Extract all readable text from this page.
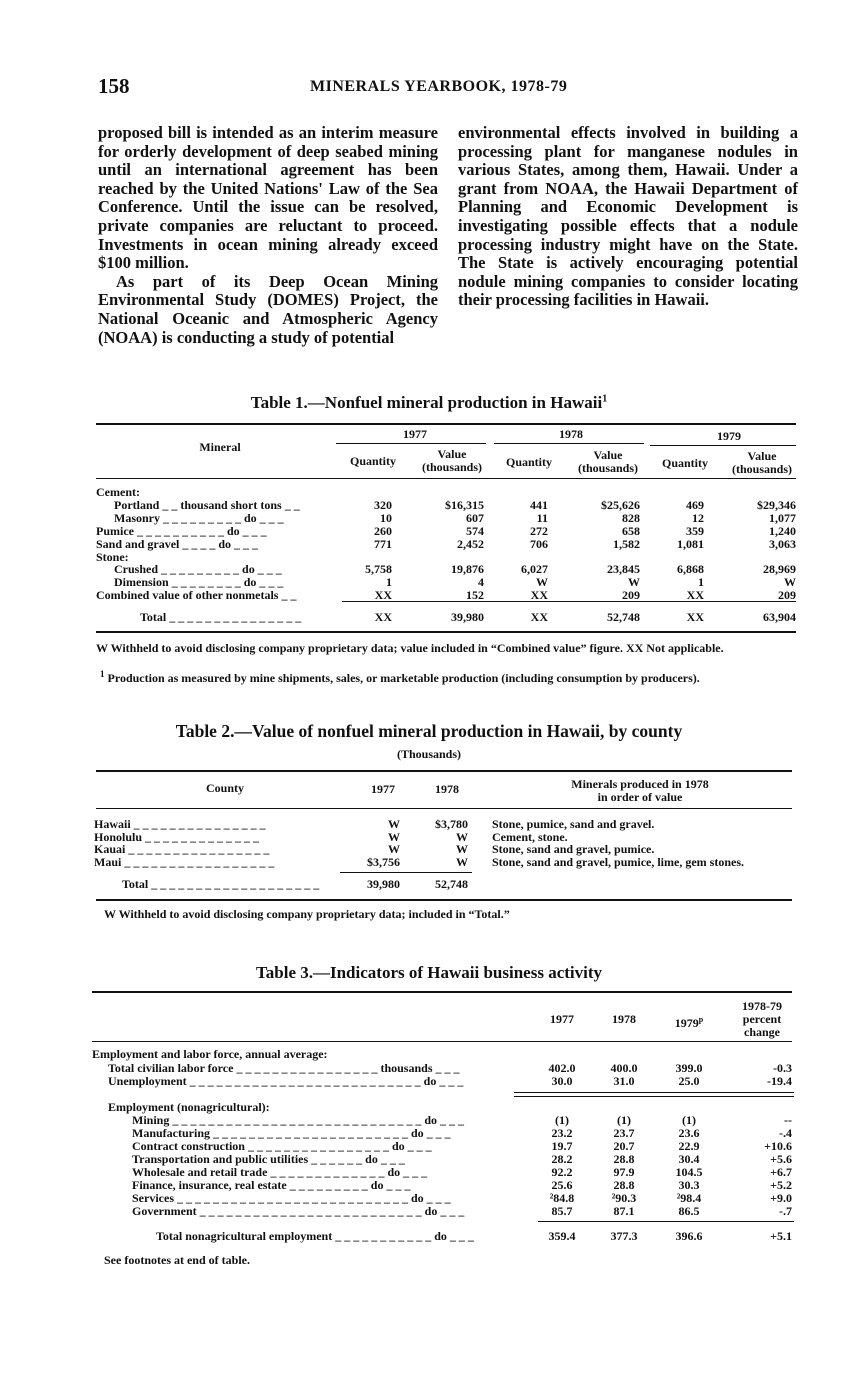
158	MINERALS YEARBOOK, 1978-79

proposed bill is intended as an interim measure for orderly development of deep seabed mining until an international agreement has been reached by the United Nations' Law of the Sea Conference. Until the issue can be resolved, private companies are reluctant to proceed. Investments in ocean mining already exceed $100 million.

As part of its Deep Ocean Mining Environmental Study (DOMES) Project, the National Oceanic and Atmospheric Agency (NOAA) is conducting a study of potential

environmental effects involved in building a processing plant for manganese nodules in various States, among them, Hawaii. Under a grant from NOAA, the Hawaii Department of Planning and Economic Development is investigating possible effects that a nodule processing industry might have on the State. The State is actively encouraging potential nodule mining companies to consider locating their processing facilities in Hawaii.

Table 1.—Nonfuel mineral production in Hawaii$^1$
Mineral
1977	1978	1979
Quantity	Value
(thousands)	Quantity	Value
(thousands)	Quantity	Value
(thousands)
Cement:
Portland _ _ thousand short tons _ _	320	$16,315	441	$25,626	469	$29,346
Masonry _ _ _ _ _ _ _ _ _ do _ _ _	10	607	11	828	12	1,077
Pumice _ _ _ _ _ _ _ _ _ _ do _ _ _	260	574	272	658	359	1,240
Sand and gravel _ _ _ _ do _ _ _	771	2,452	706	1,582	1,081	3,063
Stone:
Crushed _ _ _ _ _ _ _ _ _ do _ _ _	5,758	19,876	6,027	23,845	6,868	28,969
Dimension _ _ _ _ _ _ _ _ do _ _ _	1	4	W	W	1	W
Combined value of other nonmetals _ _	XX	152	XX	209	XX	209
Total _ _ _ _ _ _ _ _ _ _ _ _ _ _ _	XX	39,980	XX	52,748	XX	63,904
W Withheld to avoid disclosing company proprietary data; value included in “Combined value” figure. XX Not applicable.
$^1$ Production as measured by mine shipments, sales, or marketable production (including consumption by producers).
Table 2.—Value of nonfuel mineral production in Hawaii, by county
(Thousands)
County	1977	1978	Minerals produced in 1978
in order of value
Hawaii _ _ _ _ _ _ _ _ _ _ _ _ _ _ _	W	$3,780 Stone, pumice, sand and gravel.
Honolulu _ _ _ _ _ _ _ _ _ _ _ _ _	W	W Cement, stone.
Kauai _ _ _ _ _ _ _ _ _ _ _ _ _ _ _ _	W	W Stone, sand and gravel, pumice.
Maui _ _ _ _ _ _ _ _ _ _ _ _ _ _ _ _ _	$3,756	W Stone, sand and gravel, pumice, lime, gem stones.
Total _ _ _ _ _ _ _ _ _ _ _ _ _ _ _ _ _ _ _	39,980	52,748
W Withheld to avoid disclosing company proprietary data; included in “Total.”
Table 3.—Indicators of Hawaii business activity
1977	1978	1979$^p$
1978-79
percent
change
Employment and labor force, annual average:
Total civilian labor force _ _ _ _ _ _ _ _ _ _ _ _ _ _ _ _ thousands _ _ _	402.0	400.0	399.0	-0.3
Unemployment _ _ _ _ _ _ _ _ _ _ _ _ _ _ _ _ _ _ _ _ _ _ _ _ _ _ do _ _ _	30.0	31.0	25.0	-19.4
Employment (nonagricultural):
Mining _ _ _ _ _ _ _ _ _ _ _ _ _ _ _ _ _ _ _ _ _ _ _ _ _ _ _ _ do _ _ _	(1)	(1)	(1)	--
Manufacturing _ _ _ _ _ _ _ _ _ _ _ _ _ _ _ _ _ _ _ _ _ _ do _ _ _	23.2	23.7	23.6	-.4
Contract construction _ _ _ _ _ _ _ _ _ _ _ _ _ _ _ _ do _ _ _	19.7	20.7	22.9	+10.6
Transportation and public utilities _ _ _ _ _ _ do _ _ _	28.2	28.8	30.4	+5.6
Wholesale and retail trade _ _ _ _ _ _ _ _ _ _ _ _ _ do _ _ _	92.2	97.9	104.5	+6.7
Finance, insurance, real estate _ _ _ _ _ _ _ _ _ do _ _ _	25.6	28.8	30.3	+5.2
Services _ _ _ _ _ _ _ _ _ _ _ _ _ _ _ _ _ _ _ _ _ _ _ _ _ _ do _ _ _	²84.8	²90.3	²98.4	+9.0
Government _ _ _ _ _ _ _ _ _ _ _ _ _ _ _ _ _ _ _ _ _ _ _ _ _ do _ _ _	85.7	87.1	86.5	-.7
Total nonagricultural employment _ _ _ _ _ _ _ _ _ _ _ do _ _ _	359.4	377.3	396.6	+5.1
See footnotes at end of table.
